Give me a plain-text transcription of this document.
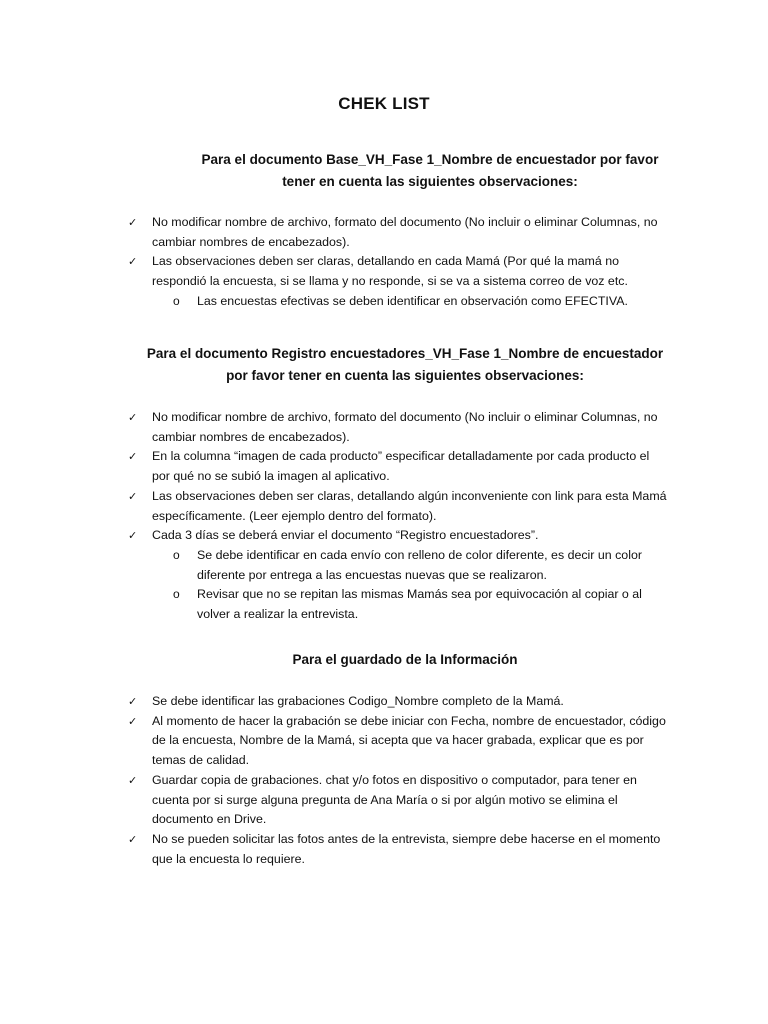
CHEK LIST
Para el documento Base_VH_Fase 1_Nombre de encuestador por favor tener en cuenta las siguientes observaciones:
✓	No modificar nombre de archivo, formato del documento (No incluir o eliminar Columnas, no cambiar nombres de encabezados).
✓	Las observaciones deben ser claras, detallando en cada Mamá (Por qué la mamá no respondió la encuesta, si se llama y no responde, si se va a sistema correo de voz etc.
o Las encuestas efectivas se deben identificar en observación como EFECTIVA.
Para el documento Registro encuestadores_VH_Fase 1_Nombre de encuestador por favor tener en cuenta las siguientes observaciones:
✓	No modificar nombre de archivo, formato del documento (No incluir o eliminar Columnas, no cambiar nombres de encabezados).
✓	En la columna “imagen de cada producto” especificar detalladamente por cada producto el por qué no se subió la imagen al aplicativo.
✓	Las observaciones deben ser claras, detallando algún inconveniente con link para esta Mamá específicamente. (Leer ejemplo dentro del formato).
✓	Cada 3 días se deberá enviar el documento “Registro encuestadores”.
o Se debe identificar en cada envío con relleno de color diferente, es decir un color diferente por entrega a las encuestas nuevas que se realizaron.
o Revisar que no se repitan las mismas Mamás sea por equivocación al copiar o al volver a realizar la entrevista.
Para el guardado de la Información
✓	Se debe identificar las grabaciones Codigo_Nombre completo de la Mamá.
✓	Al momento de hacer la grabación se debe iniciar con Fecha, nombre de encuestador, código de la encuesta, Nombre de la Mamá, si acepta que va hacer grabada, explicar que es por temas de calidad.
✓	Guardar copia de grabaciones. chat y/o fotos en dispositivo o computador, para tener en cuenta por si surge alguna pregunta de Ana María o si por algún motivo se elimina el documento en Drive.
✓	No se pueden solicitar las fotos antes de la entrevista, siempre debe hacerse en el momento que la encuesta lo requiere.
